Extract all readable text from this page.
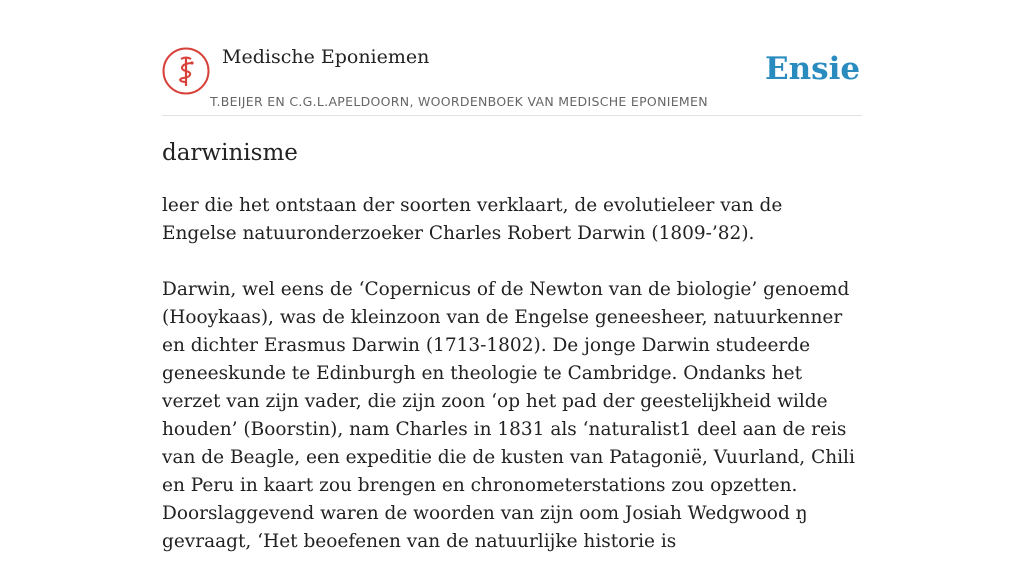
Medische Eponiemen
T.BEIJER EN C.G.L.APELDOORN, WOORDENBOEK VAN MEDISCHE EPONIEMEN
Ensie
darwinisme

leer die het ontstaan der soorten verklaart, de evolutieleer van de Engelse natuuronderzoeker Charles Robert Darwin (1809-’82).

Darwin, wel eens de ‘Copernicus of de Newton van de biologie’ genoemd (Hooykaas), was de kleinzoon van de Engelse geneesheer, natuurkenner en dichter Erasmus Darwin (1713-1802). De jonge Darwin studeerde geneeskunde te Edinburgh en theologie te Cambridge. Ondanks het verzet van zijn vader, die zijn zoon ‘op het pad der geestelijkheid wilde houden’ (Boorstin), nam Charles in 1831 als ‘naturalist1 deel aan de reis van de Beagle, een expeditie die de kusten van Patagonië, Vuurland, Chili en Peru in kaart zou brengen en chronometerstations zou opzetten. Doorslaggevend waren de woorden van zijn oom Josiah Wedgwood ŋ gevraagt, ‘Het beoefenen van de natuurlijke historie is
